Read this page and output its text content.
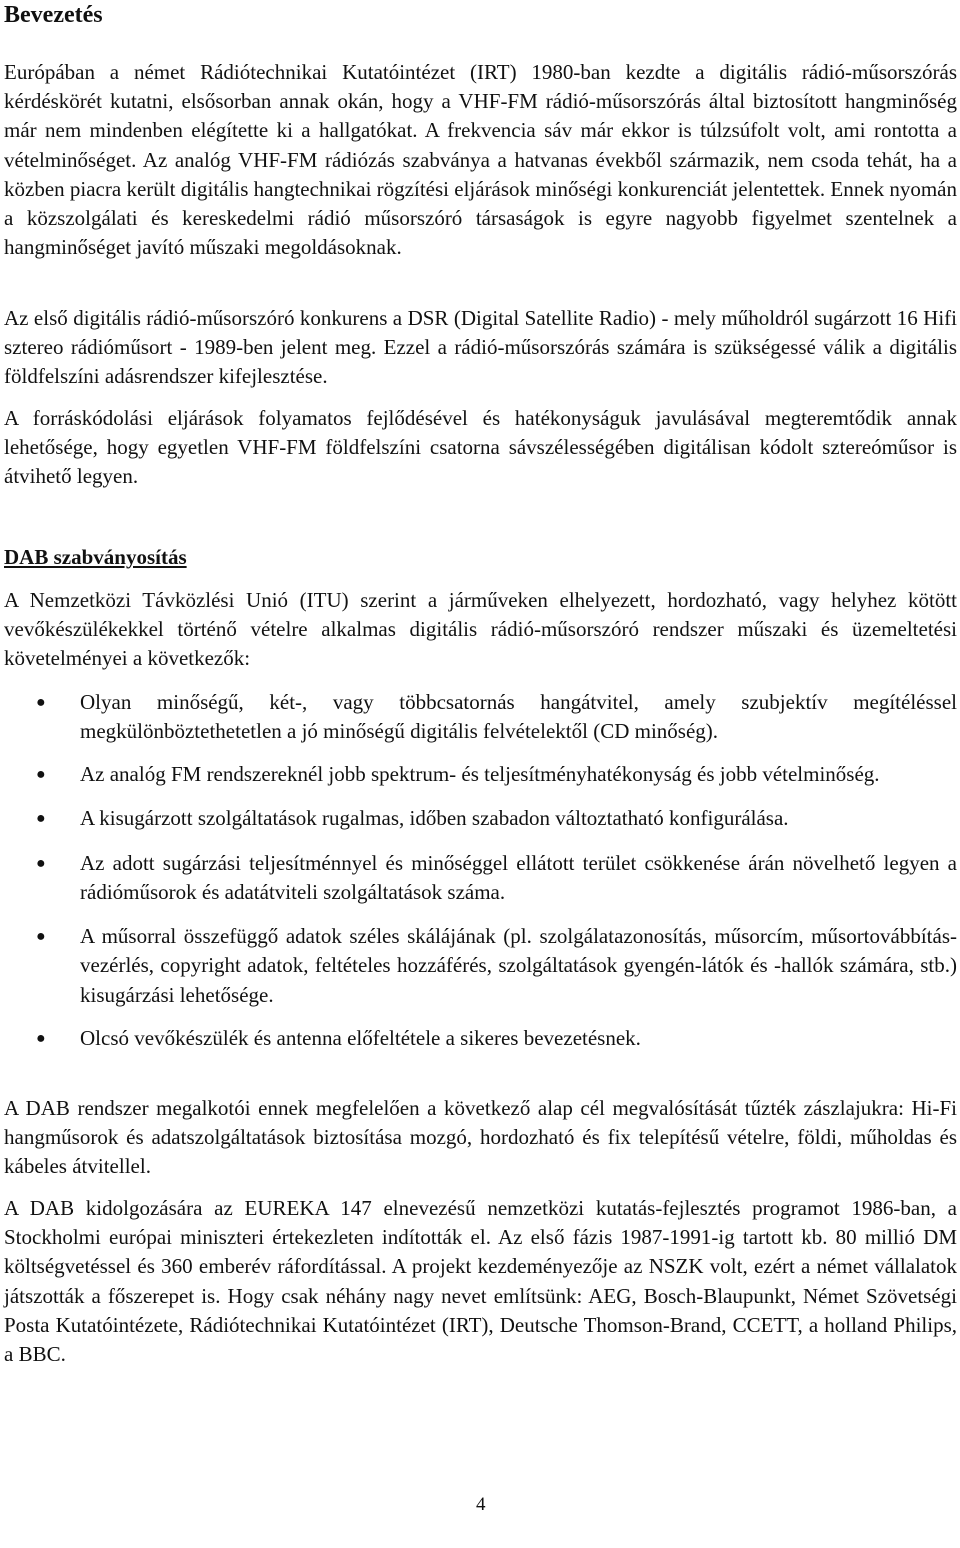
Bevezetés

Európában a német Rádiótechnikai Kutatóintézet (IRT) 1980-ban kezdte a digitális rádió-műsorszórás kérdéskörét kutatni, elsősorban annak okán, hogy a VHF-FM rádió-műsorszórás által biztosított hangminőség már nem mindenben elégítette ki a hallgatókat. A frekvencia sáv már ekkor is túlzsúfolt volt, ami rontotta a vételminőséget. Az analóg VHF-FM rádiózás szabványa a hatvanas évekből származik, nem csoda tehát, ha a közben piacra került digitális hangtechnikai rögzítési eljárások minőségi konkurenciát jelentettek. Ennek nyomán a közszolgálati és kereskedelmi rádió műsorszóró társaságok is egyre nagyobb figyelmet szentelnek a hangminőséget javító műszaki megoldásoknak.

Az első digitális rádió-műsorszóró konkurens a DSR (Digital Satellite Radio) - mely műholdról sugárzott 16 Hifi sztereo rádióműsort - 1989-ben jelent meg. Ezzel a rádió-műsorszórás számára is szükségessé válik a digitális földfelszíni adásrendszer kifejlesztése.

A forráskódolási eljárások folyamatos fejlődésével és hatékonyságuk javulásával megteremtődik annak lehetősége, hogy egyetlen VHF-FM földfelszíni csatorna sávszélességében digitálisan kódolt sztereóműsor is átvihető legyen.

DAB szabványosítás

A Nemzetközi Távközlési Unió (ITU) szerint a járműveken elhelyezett, hordozható, vagy helyhez kötött vevőkészülékekkel történő vételre alkalmas digitális rádió-műsorszóró rendszer műszaki és üzemeltetési követelményei a következők:

● Olyan minőségű, két-, vagy többcsatornás hangátvitel, amely szubjektív megítéléssel megkülönböztethetetlen a jó minőségű digitális felvételektől (CD minőség).
● Az analóg FM rendszereknél jobb spektrum- és teljesítményhatékonyság és jobb vételminőség.
● A kisugárzott szolgáltatások rugalmas, időben szabadon változtatható konfigurálása.
● Az adott sugárzási teljesítménnyel és minőséggel ellátott terület csökkenése árán növelhető legyen a rádióműsorok és adatátviteli szolgáltatások száma.
● A műsorral összefüggő adatok széles skálájának (pl. szolgálatazonosítás, műsorcím, műsortovábbítás-vezérlés, copyright adatok, feltételes hozzáférés, szolgáltatások gyengén-látók és -hallók számára, stb.) kisugárzási lehetősége.
● Olcsó vevőkészülék és antenna előfeltétele a sikeres bevezetésnek.

A DAB rendszer megalkotói ennek megfelelően a következő alap cél megvalósítását tűzték zászlajukra: Hi-Fi hangműsorok és adatszolgáltatások biztosítása mozgó, hordozható és fix telepítésű vételre, földi, műholdas és kábeles átvitellel.

A DAB kidolgozására az EUREKA 147 elnevezésű nemzetközi kutatás-fejlesztés programot 1986-ban, a Stockholmi európai miniszteri értekezleten indították el. Az első fázis 1987-1991-ig tartott kb. 80 millió DM költségvetéssel és 360 emberév ráfordítással. A projekt kezdeményezője az NSZK volt, ezért a német vállalatok játszották a főszerepet is. Hogy csak néhány nagy nevet említsünk: AEG, Bosch-Blaupunkt, Német Szövetségi Posta Kutatóintézete, Rádiótechnikai Kutatóintézet (IRT), Deutsche Thomson-Brand, CCETT, a holland Philips, a BBC.

4
